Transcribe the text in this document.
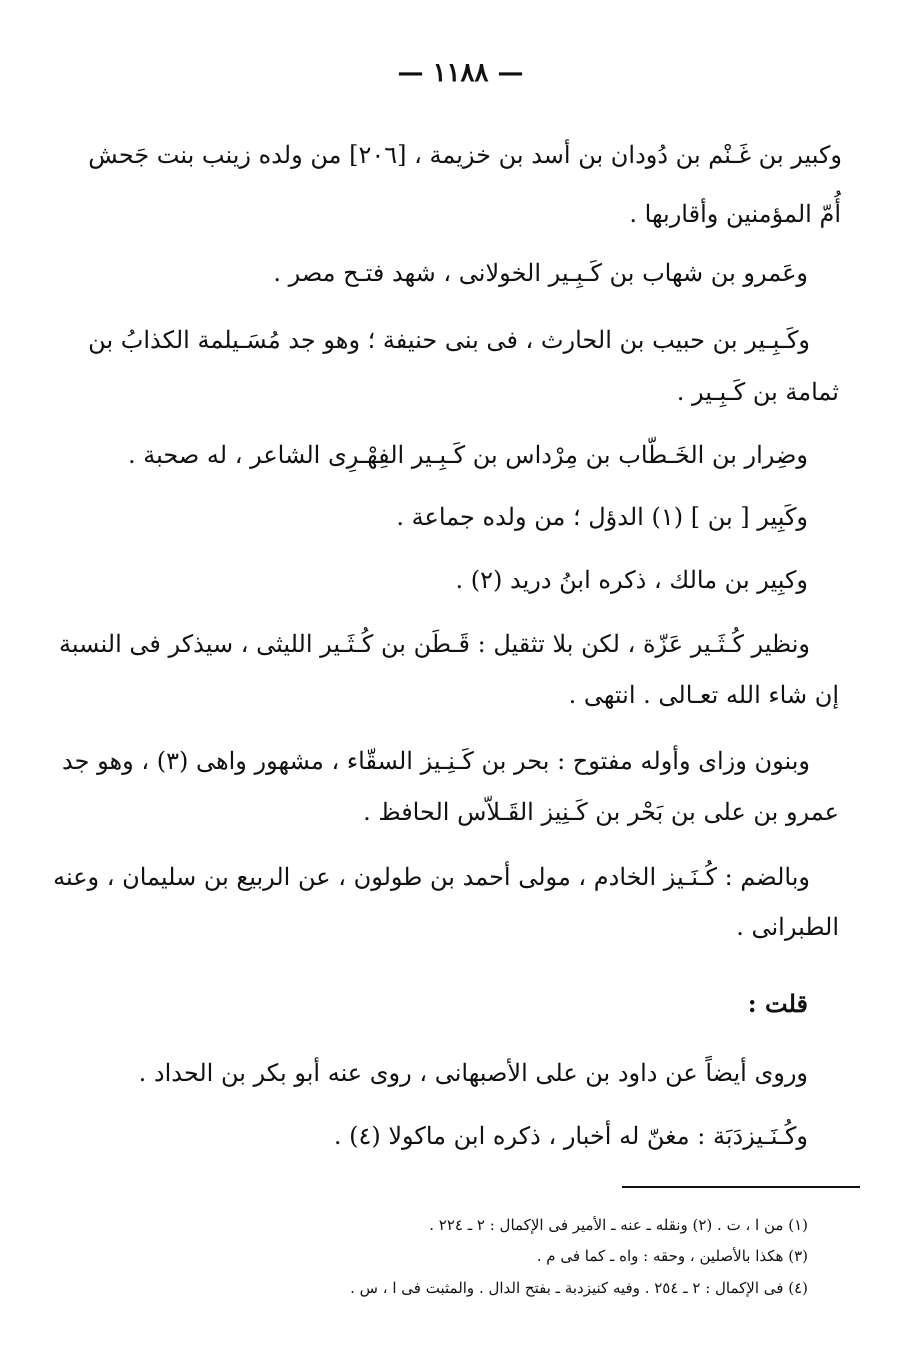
— ١١٨٨ —
وكبير بن غَـنْم بن دُودان بن أسد بن خزيمة ، [٢٠٦] من ولده زينب بنت جَحش
أُمّ المؤمنين وأقاربها .
وعَمرو بن شهاب بن كَـبِـير الخولانى ، شهد فتـح مصر .
وكَـبِـير بن حبيب بن الحارث ، فى بنى حنيفة ؛ وهو جد مُسَـيلمة الكذابُ بن
ثمامة بن كَـبِـير .
وضِرار بن الخَـطّاب بن مِرْداس بن كَـبِـير الفِهْـرِى الشاعر ، له صحبة .
وكَبِير [ بن ] (١) الدؤل ؛ من ولده جماعة .
وكبِير بن مالك ، ذكره ابنُ دريد (٢) .
ونظير كُـثَـير عَزّة ، لكن بلا تثقيل : قَـطَن بن كُـثَـير الليثى ، سيذكر فى النسبة
إن شاء الله تعـالى . انتهى .
وبنون وزاى وأوله مفتوح : بحر بن كَـنِـيز السقّاء ، مشهور واهى (٣) ، وهو جد
عمرو بن على بن بَحْر بن كَـنِيز القَـلاّس الحافظ .
وبالضم : كُـنَـيز الخادم ، مولى أحمد بن طولون ، عن الربيع بن سليمان ، وعنه
الطبرانى .
قلت :
وروى أيضاً عن داود بن على الأصبهانى ، روى عنه أبو بكر بن الحداد .
وكُـنَـيزدَبَة : مغنّ له أخبار ، ذكره ابن ماكولا (٤) .
(١) من ا ، ت . (٢) ونقله ـ عنه ـ الأمير فى الإكمال : ٢ ـ ٢٢٤ .
(٣) هكذا بالأصلين ، وحقه : واه ـ كما فى م .
(٤) فى الإكمال : ٢ ـ ٢٥٤ . وفيه كنيزدبة ـ بفتح الدال . والمثبت فى ا ، س .
